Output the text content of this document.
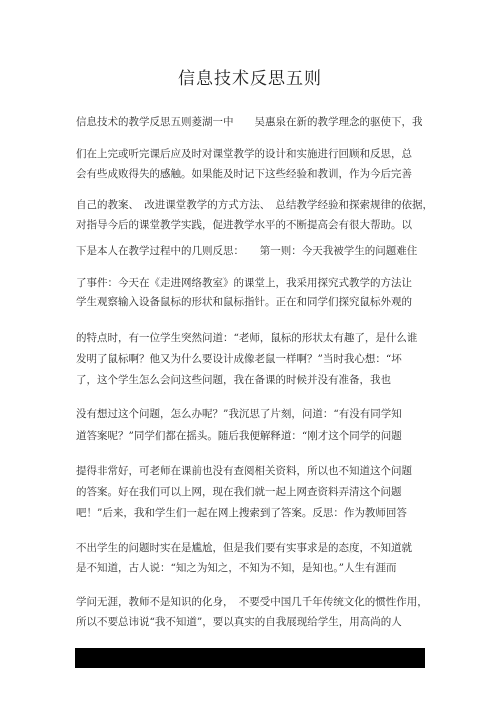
信息技术反思五则
信息技术的教学反思五则菱湖一中　　吴惠泉在新的教学理念的驱使下，我
们在上完或听完课后应及时对课堂教学的设计和实施进行回顾和反思，总
会有些成败得失的感触。如果能及时记下这些经验和教训，作为今后完善
自己的教案、　改进课堂教学的方式方法、　总结教学经验和探索规律的依据，
对指导今后的课堂教学实践，促进教学水平的不断提高会有很大帮助。以
下是本人在教学过程中的几则反思：　　第一则：今天我被学生的问题难住
了事件：今天在《走进网络教室》的课堂上，我采用探究式教学的方法让
学生观察输入设备鼠标的形状和鼠标指针。正在和同学们探究鼠标外观的
的特点时，有一位学生突然问道：“老师，鼠标的形状太有趣了，是什么谁
发明了鼠标啊？他又为什么要设计成像老鼠一样啊？”当时我心想：“坏
了，这个学生怎么会问这些问题，我在备课的时候并没有准备，我也
没有想过这个问题，怎么办呢？”我沉思了片刻，问道：“有没有同学知
道答案呢？”同学们都在摇头。随后我便解释道：“刚才这个同学的问题
提得非常好，可老师在课前也没有查阅相关资料，所以也不知道这个问题
的答案。好在我们可以上网，现在我们就一起上网查资料弄清这个问题
吧！”后来，我和学生们一起在网上搜索到了答案。反思：作为教师回答
不出学生的问题时实在是尴尬，但是我们要有实事求是的态度，不知道就
是不知道，古人说：“知之为知之，不知为不知，是知也。”人生有涯而
学问无涯，教师不是知识的化身，　不要受中国几千年传统文化的惯性作用，
所以不要总讳说“我不知道”，要以真实的自我展现给学生，用高尚的人
